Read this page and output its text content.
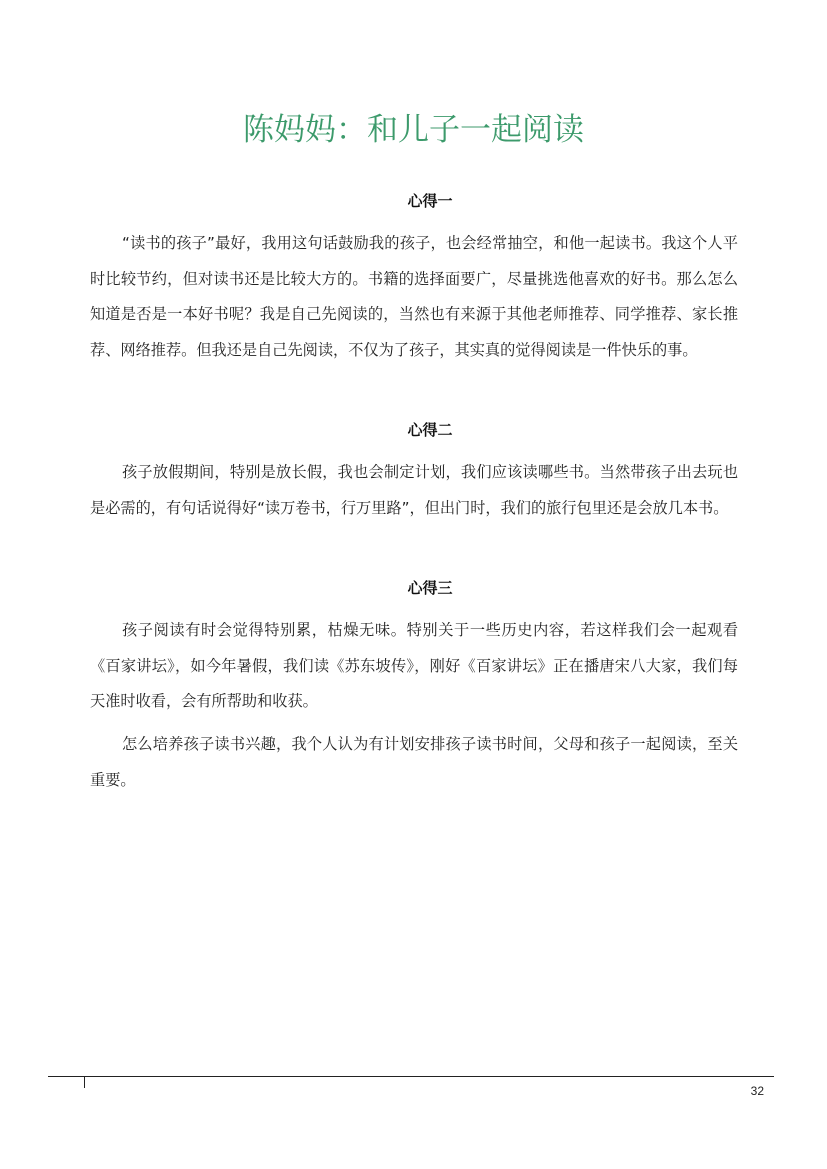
陈妈妈：和儿子一起阅读
心得一

“读书的孩子”最好，我用这句话鼓励我的孩子，也会经常抽空，和他一起读书。我这个人平时比较节约，但对读书还是比较大方的。书籍的选择面要广，尽量挑选他喜欢的好书。那么怎么知道是否是一本好书呢？我是自己先阅读的，当然也有来源于其他老师推荐、同学推荐、家长推荐、网络推荐。但我还是自己先阅读，不仅为了孩子，其实真的觉得阅读是一件快乐的事。

心得二

孩子放假期间，特别是放长假，我也会制定计划，我们应该读哪些书。当然带孩子出去玩也是必需的，有句话说得好“读万卷书，行万里路”，但出门时，我们的旅行包里还是会放几本书。

心得三

孩子阅读有时会觉得特别累，枯燥无味。特别关于一些历史内容，若这样我们会一起观看《百家讲坛》，如今年暑假，我们读《苏东坡传》，刚好《百家讲坛》正在播唐宋八大家，我们每天准时收看，会有所帮助和收获。

怎么培养孩子读书兴趣，我个人认为有计划安排孩子读书时间，父母和孩子一起阅读，至关重要。

32
